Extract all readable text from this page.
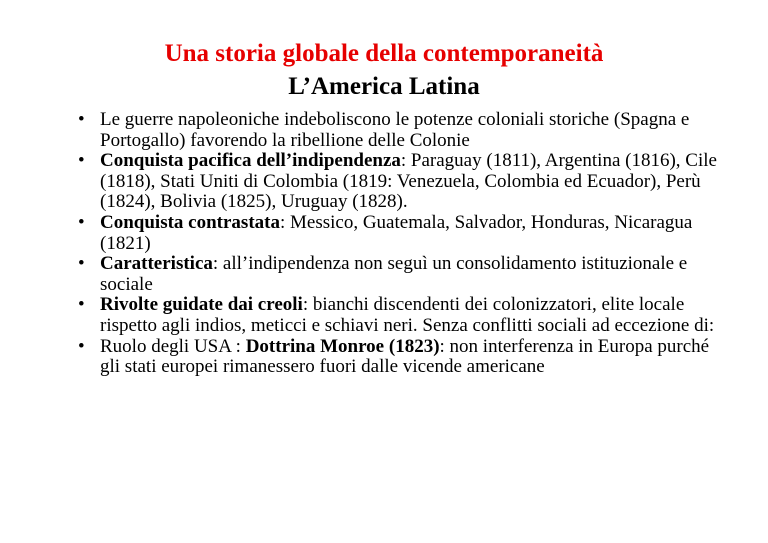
Una storia globale della contemporaneità
L’America Latina
• Le guerre napoleoniche indeboliscono le potenze coloniali storiche (Spagna e Portogallo) favorendo la ribellione delle Colonie
• Conquista pacifica dell’indipendenza: Paraguay (1811), Argentina (1816), Cile (1818), Stati Uniti di Colombia (1819: Venezuela, Colombia ed Ecuador), Perù (1824), Bolivia (1825), Uruguay (1828).
• Conquista contrastata: Messico, Guatemala, Salvador, Honduras, Nicaragua (1821)
• Caratteristica: all’indipendenza non seguì un consolidamento istituzionale e sociale
• Rivolte guidate dai creoli: bianchi discendenti dei colonizzatori, elite locale rispetto agli indios, meticci e schiavi neri. Senza conflitti sociali ad eccezione di:
• Ruolo degli USA : Dottrina Monroe (1823): non interferenza in Europa purché gli stati europei rimanessero fuori dalle vicende americane
